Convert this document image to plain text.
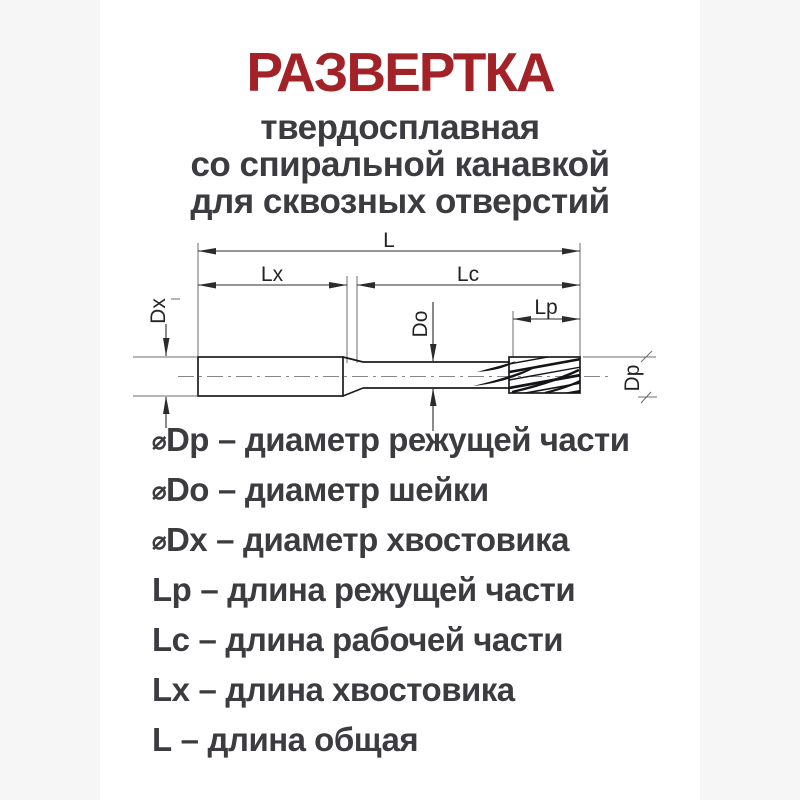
РАЗВЕРТКА
твердосплавная
со спиральной канавкой
для сквозных отверстий
L
Lx	Lc
Lp
Dx	Do
Dp
⌀Dp – диаметр режущей части
⌀Do – диаметр шейки
⌀Dx – диаметр хвостовика
Lp – длина режущей части
Lc – длина рабочей части
Lx – длина хвостовика
L – длина общая
